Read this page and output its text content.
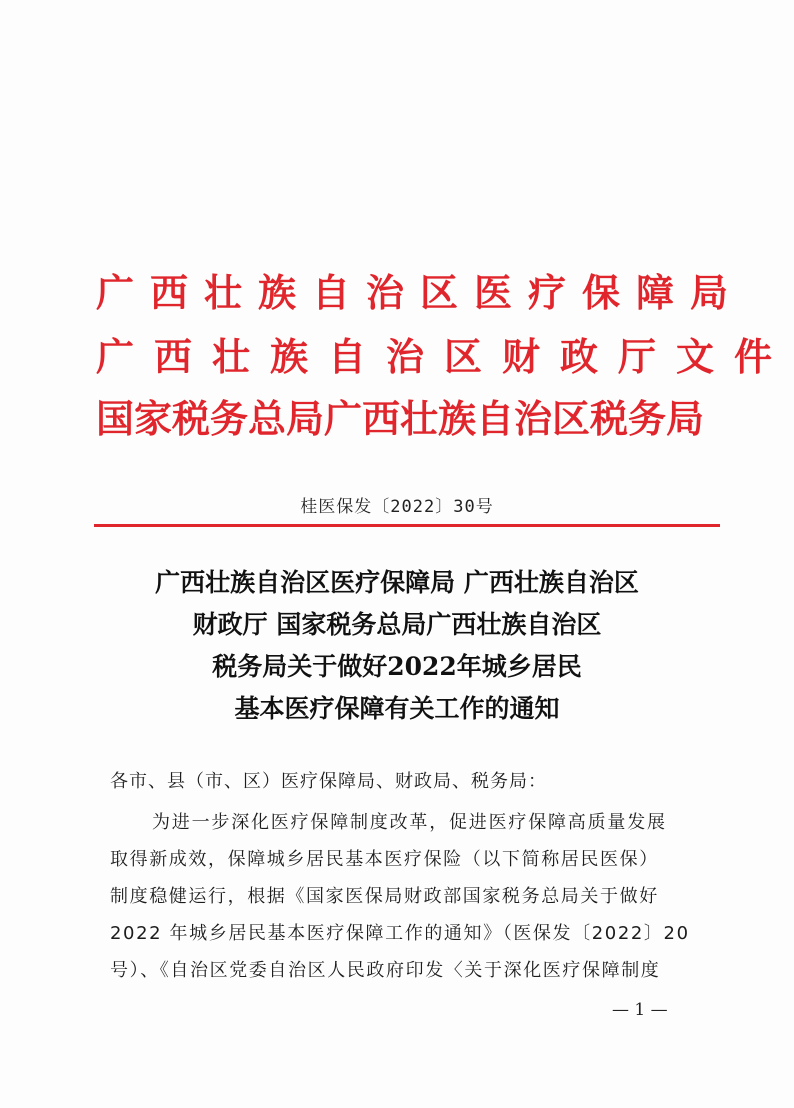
广西壮族自治区医疗保障局
广西壮族自治区财政厅文件
国家税务总局广西壮族自治区税务局
桂医保发〔2022〕30号
广西壮族自治区医疗保障局 广西壮族自治区
财政厅 国家税务总局广西壮族自治区
税务局关于做好2022年城乡居民
基本医疗保障有关工作的通知
各市、县（市、区）医疗保障局、财政局、税务局：
为进一步深化医疗保障制度改革，促进医疗保障高质量发展
取得新成效，保障城乡居民基本医疗保险（以下简称居民医保）
制度稳健运行，根据《国家医保局财政部国家税务总局关于做好
2022 年城乡居民基本医疗保障工作的通知》（医保发〔2022〕20
号）、《自治区党委自治区人民政府印发〈关于深化医疗保障制度
— 1 —
